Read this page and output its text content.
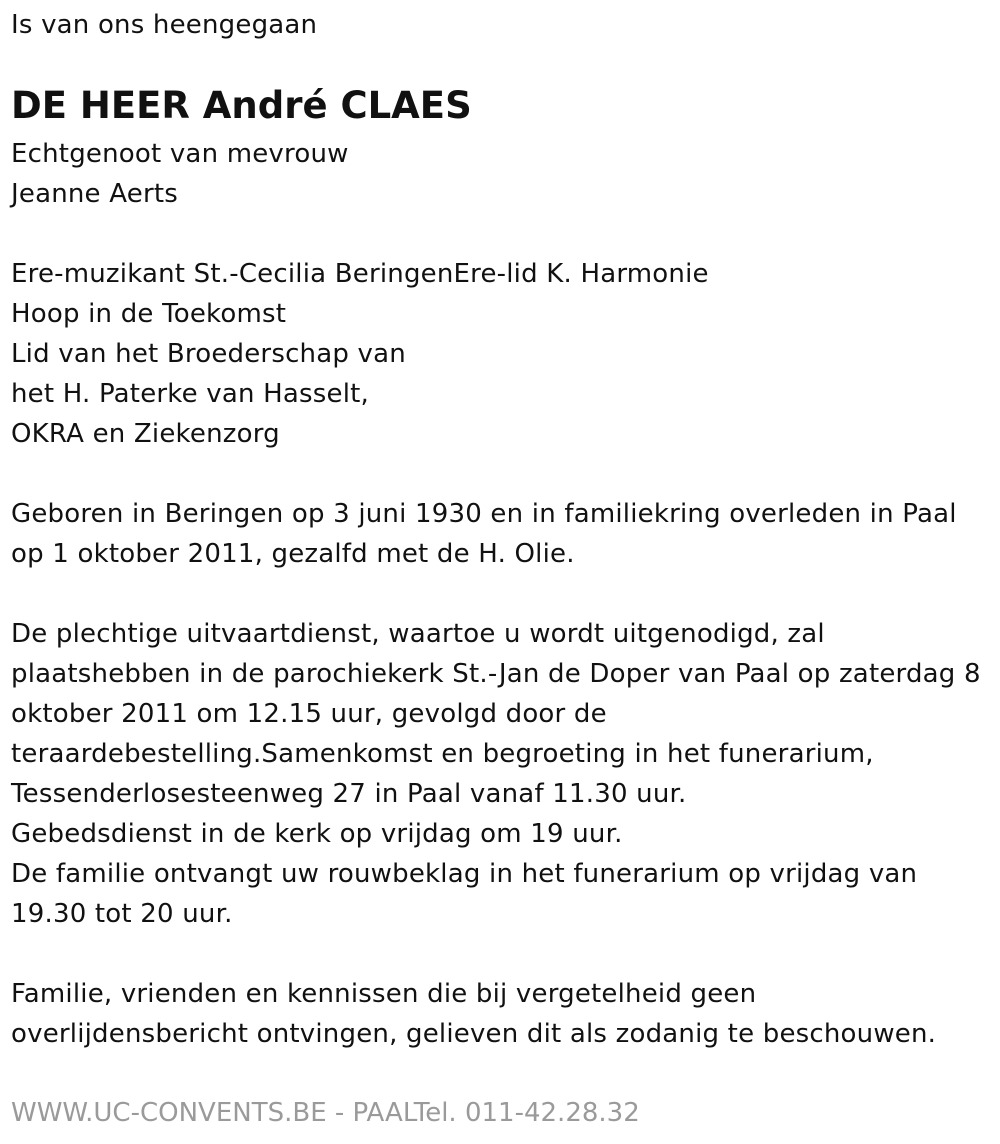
Is van ons heengegaan
DE HEER André CLAES
Echtgenoot van mevrouw
Jeanne Aerts
Ere-muzikant St.-Cecilia BeringenEre-lid K. Harmonie
Hoop in de Toekomst
Lid van het Broederschap van
het H. Paterke van Hasselt,
OKRA en Ziekenzorg
Geboren in Beringen op 3 juni 1930 en in familiekring overleden in Paal
op 1 oktober 2011, gezalfd met de H. Olie.
De plechtige uitvaartdienst, waartoe u wordt uitgenodigd, zal
plaatshebben in de parochiekerk St.-Jan de Doper van Paal op zaterdag 8
oktober 2011 om 12.15 uur, gevolgd door de
teraardebestelling.Samenkomst en begroeting in het funerarium,
Tessenderlosesteenweg 27 in Paal vanaf 11.30 uur.
Gebedsdienst in de kerk op vrijdag om 19 uur.
De familie ontvangt uw rouwbeklag in het funerarium op vrijdag van
19.30 tot 20 uur.
Familie, vrienden en kennissen die bij vergetelheid geen
overlijdensbericht ontvingen, gelieven dit als zodanig te beschouwen.
WWW.UC-CONVENTS.BE - PAALTel. 011-42.28.32
